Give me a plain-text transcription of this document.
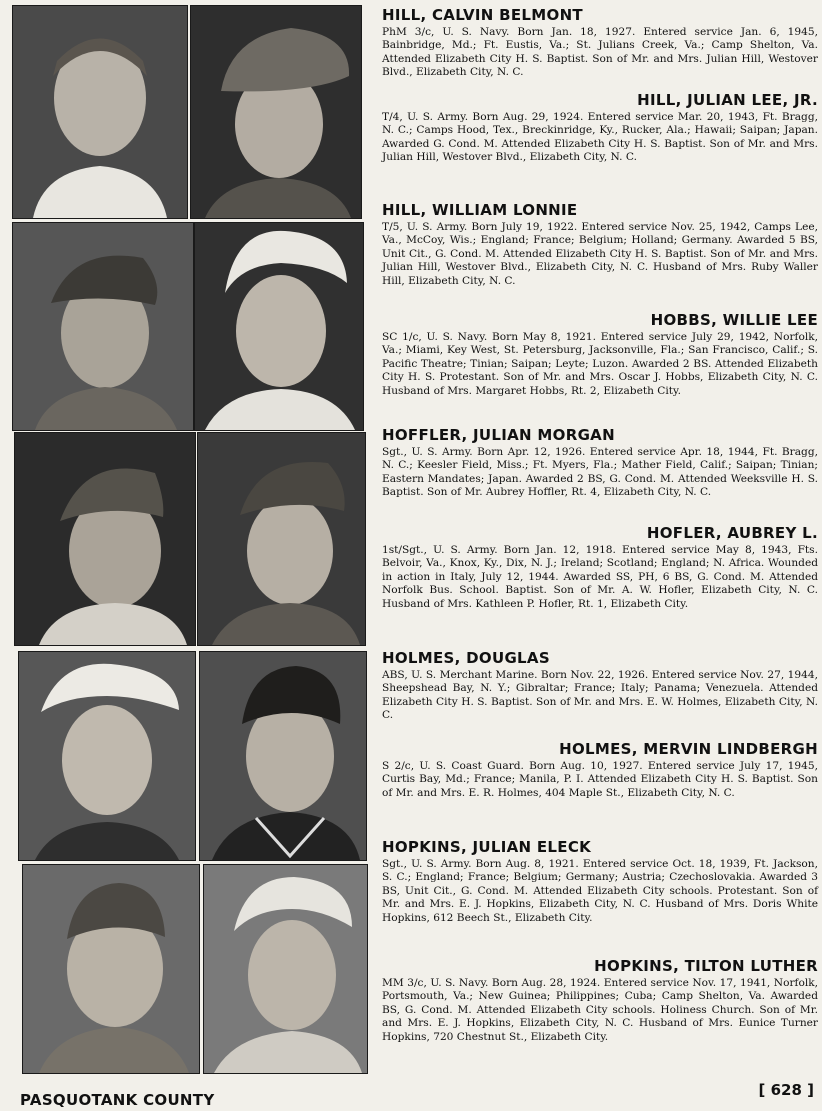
HILL, CALVIN BELMONT

PhM 3/c, U. S. Navy. Born Jan. 18, 1927. Entered service Jan. 6, 1945, Bainbridge, Md.; Ft. Eustis, Va.; St. Julians Creek, Va.; Camp Shelton, Va. Attended Elizabeth City H. S. Baptist. Son of Mr. and Mrs. Julian Hill, Westover Blvd., Elizabeth City, N. C.

HILL, JULIAN LEE, JR.

T/4, U. S. Army. Born Aug. 29, 1924. Entered service Mar. 20, 1943, Ft. Bragg, N. C.; Camps Hood, Tex., Breckinridge, Ky., Rucker, Ala.; Hawaii; Saipan; Japan. Awarded G. Cond. M. Attended Elizabeth City H. S. Baptist. Son of Mr. and Mrs. Julian Hill, Westover Blvd., Elizabeth City, N. C.

HILL, WILLIAM LONNIE

T/5, U. S. Army. Born July 19, 1922. Entered service Nov. 25, 1942, Camps Lee, Va., McCoy, Wis.; England; France; Belgium; Holland; Germany. Awarded 5 BS, Unit Cit., G. Cond. M. Attended Elizabeth City H. S. Baptist. Son of Mr. and Mrs. Julian Hill, Westover Blvd., Elizabeth City, N. C. Husband of Mrs. Ruby Waller Hill, Elizabeth City, N. C.

HOBBS, WILLIE LEE

SC 1/c, U. S. Navy. Born May 8, 1921. Entered service July 29, 1942, Norfolk, Va.; Miami, Key West, St. Petersburg, Jacksonville, Fla.; San Francisco, Calif.; S. Pacific Theatre; Tinian; Saipan; Leyte; Luzon. Awarded 2 BS. Attended Elizabeth City H. S. Protestant. Son of Mr. and Mrs. Oscar J. Hobbs, Elizabeth City, N. C. Husband of Mrs. Margaret Hobbs, Rt. 2, Elizabeth City.

HOFFLER, JULIAN MORGAN

Sgt., U. S. Army. Born Apr. 12, 1926. Entered service Apr. 18, 1944, Ft. Bragg, N. C.; Keesler Field, Miss.; Ft. Myers, Fla.; Mather Field, Calif.; Saipan; Tinian; Eastern Mandates; Japan. Awarded 2 BS, G. Cond. M. Attended Weeksville H. S. Baptist. Son of Mr. Aubrey Hoffler, Rt. 4, Elizabeth City, N. C.

HOFLER, AUBREY L.

1st/Sgt., U. S. Army. Born Jan. 12, 1918. Entered service May 8, 1943, Fts. Belvoir, Va., Knox, Ky., Dix, N. J.; Ireland; Scotland; England; N. Africa. Wounded in action in Italy, July 12, 1944. Awarded SS, PH, 6 BS, G. Cond. M. Attended Norfolk Bus. School. Baptist. Son of Mr. A. W. Hofler, Elizabeth City, N. C. Husband of Mrs. Kathleen P. Hofler, Rt. 1, Elizabeth City.

HOLMES, DOUGLAS

ABS, U. S. Merchant Marine. Born Nov. 22, 1926. Entered service Nov. 27, 1944, Sheepshead Bay, N. Y.; Gibraltar; France; Italy; Panama; Venezuela. Attended Elizabeth City H. S. Baptist. Son of Mr. and Mrs. E. W. Holmes, Elizabeth City, N. C.

HOLMES, MERVIN LINDBERGH

S 2/c, U. S. Coast Guard. Born Aug. 10, 1927. Entered service July 17, 1945, Curtis Bay, Md.; France; Manila, P. I. Attended Elizabeth City H. S. Baptist. Son of Mr. and Mrs. E. R. Holmes, 404 Maple St., Elizabeth City, N. C.

HOPKINS, JULIAN ELECK

Sgt., U. S. Army. Born Aug. 8, 1921. Entered service Oct. 18, 1939, Ft. Jackson, S. C.; England; France; Belgium; Germany; Austria; Czechoslovakia. Awarded 3 BS, Unit Cit., G. Cond. M. Attended Elizabeth City schools. Protestant. Son of Mr. and Mrs. E. J. Hopkins, Elizabeth City, N. C. Husband of Mrs. Doris White Hopkins, 612 Beech St., Elizabeth City.

HOPKINS, TILTON LUTHER

MM 3/c, U. S. Navy. Born Aug. 28, 1924. Entered service Nov. 17, 1941, Norfolk, Portsmouth, Va.; New Guinea; Philippines; Cuba; Camp Shelton, Va. Awarded BS, G. Cond. M. Attended Elizabeth City schools. Holiness Church. Son of Mr. and Mrs. E. J. Hopkins, Elizabeth City, N. C. Husband of Mrs. Eunice Turner Hopkins, 720 Chestnut St., Elizabeth City.

PASQUOTANK COUNTY
[ 628 ]
